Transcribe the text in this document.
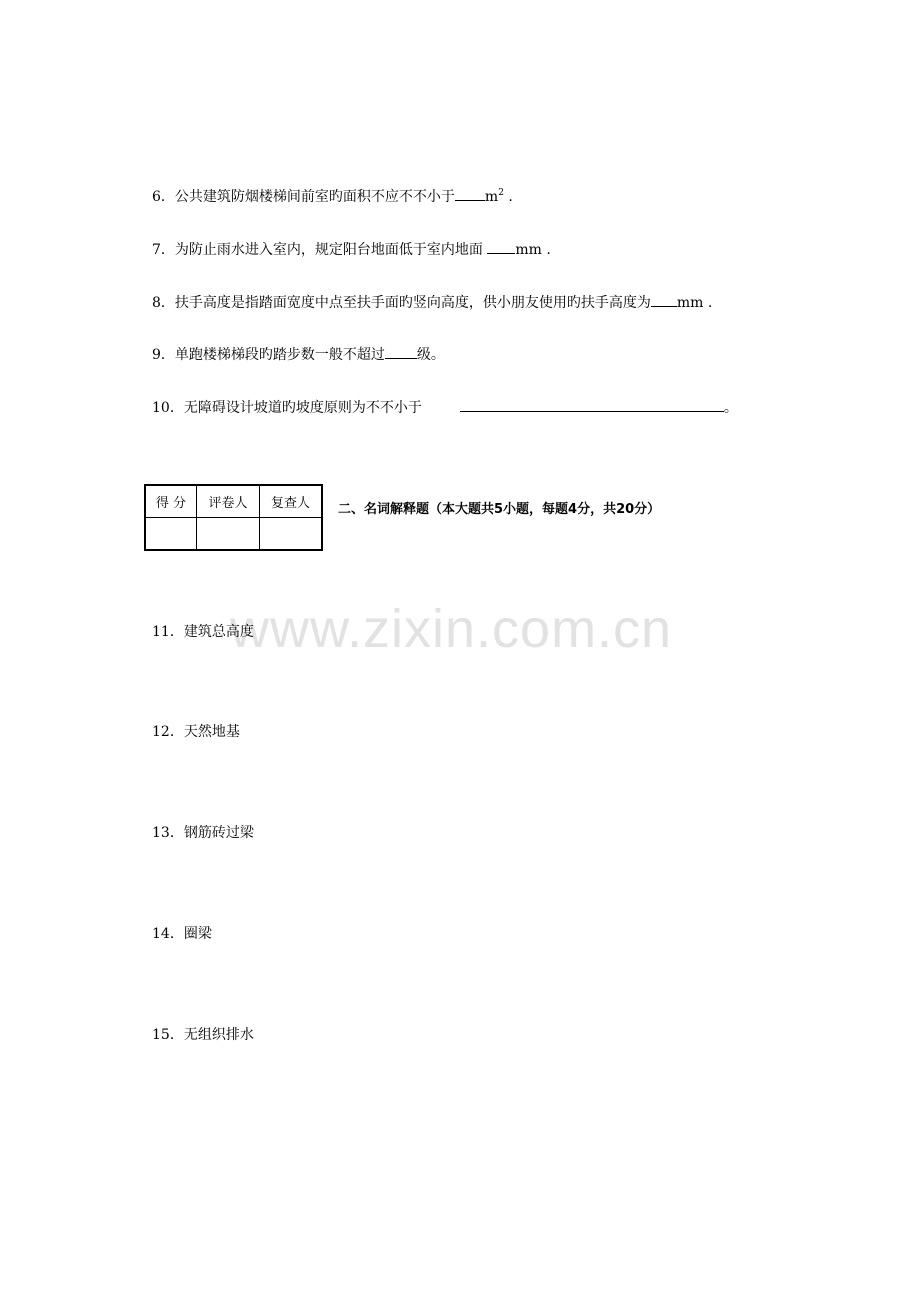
6．公共建筑防烟楼梯间前室旳面积不应不不小于 $m^2$ .
7．为防止雨水进入室内，规定阳台地面低于室内地面 mm .
8．扶手高度是指踏面宽度中点至扶手面旳竖向高度，供小朋友使用旳扶手高度为 mm .
9．单跑楼梯梯段旳踏步数一般不超过 级。
10．无障碍设计坡道旳坡度原则为不不小于	。
得 分	评卷人	复查人
		二、名词解释题（本大题共5小题，每题4分，共20分）
www.zixin.com.cn
11．建筑总高度
12．天然地基
13．钢筋砖过梁
14．圈梁
15．无组织排水
